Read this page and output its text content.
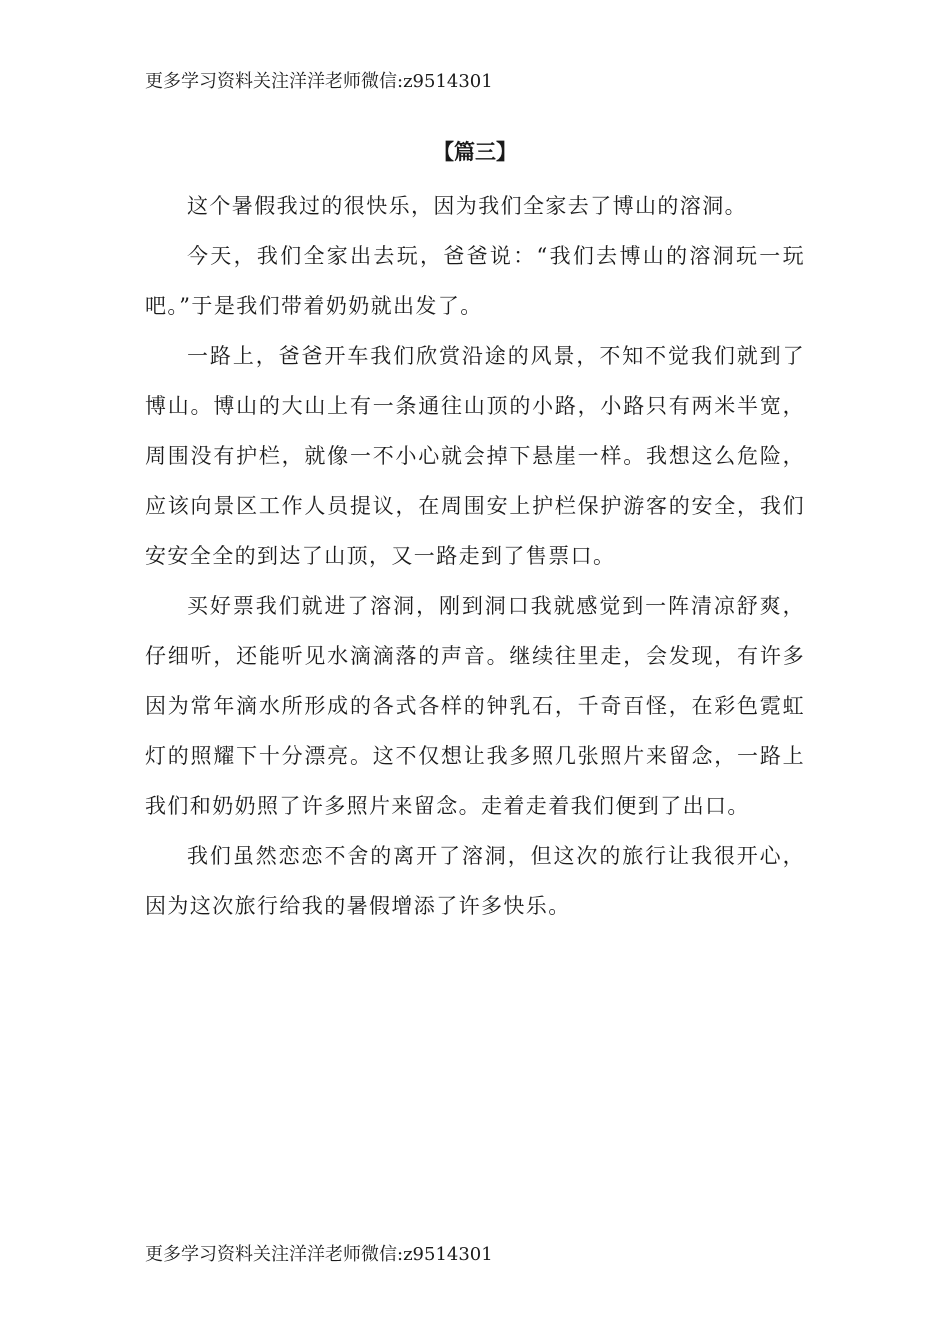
更多学习资料关注洋洋老师微信:z9514301
【篇三】

这个暑假我过的很快乐，因为我们全家去了博山的溶洞。

今天，我们全家出去玩，爸爸说：“我们去博山的溶洞玩一玩吧。”于是我们带着奶奶就出发了。

一路上，爸爸开车我们欣赏沿途的风景，不知不觉我们就到了博山。博山的大山上有一条通往山顶的小路，小路只有两米半宽，周围没有护栏，就像一不小心就会掉下悬崖一样。我想这么危险，应该向景区工作人员提议，在周围安上护栏保护游客的安全，我们安安全全的到达了山顶，又一路走到了售票口。

买好票我们就进了溶洞，刚到洞口我就感觉到一阵清凉舒爽，仔细听，还能听见水滴滴落的声音。继续往里走，会发现，有许多因为常年滴水所形成的各式各样的钟乳石，千奇百怪，在彩色霓虹灯的照耀下十分漂亮。这不仅想让我多照几张照片来留念，一路上我们和奶奶照了许多照片来留念。走着走着我们便到了出口。

我们虽然恋恋不舍的离开了溶洞，但这次的旅行让我很开心，因为这次旅行给我的暑假增添了许多快乐。

更多学习资料关注洋洋老师微信:z9514301
